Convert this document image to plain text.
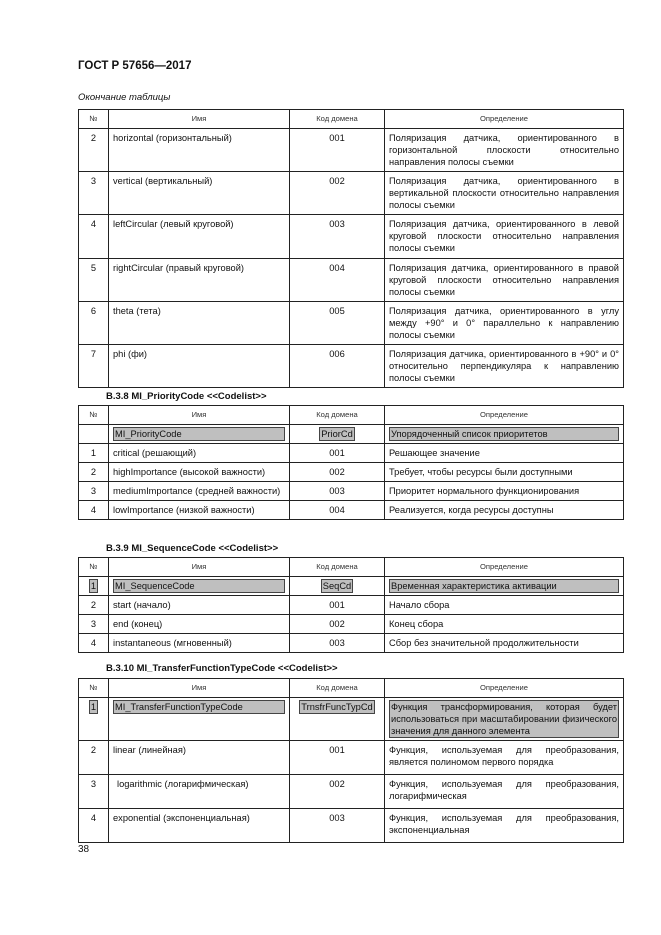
ГОСТ Р 57656—2017
Окончание таблицы
№	Имя	Код домена	Определение
2	horizontal (горизонтальный)	001	Поляризация датчика, ориентированного в горизонтальной плоскости относительно направления полосы съемки
3	vertical (вертикальный)	002	Поляризация датчика, ориентированного в вертикальной плоскости относительно направления полосы съемки
4	leftCircular (левый круговой)	003	Поляризация датчика, ориентированного в левой круговой плоскости относительно направления полосы съемки
5	rightCircular (правый круговой)	004	Поляризация датчика, ориентированного в правой круговой плоскости относительно направления полосы съемки
6	theta (тета)	005	Поляризация датчика, ориентированного в углу между +90° и 0° параллельно к направлению полосы съемки
7	phi (фи)	006	Поляризация датчика, ориентированного в +90° и 0° относительно перпендикуляра к направлению полосы съемки
B.3.8 MI_PriorityCode <<Codelist>>
№	Имя	Код домена	Определение

	MI_PriorityCode	PriorCd	Упорядоченный список приоритетов

1	critical (решающий)	001	Решающее значение
2	highImportance (высокой важности)	002	Требует, чтобы ресурсы были доступными
3	mediumImportance (средней важности)	003	Приоритет нормального функционирования
4	lowImportance (низкой важности)	004	Реализуется, когда ресурсы доступны
B.3.9 MI_SequenceCode <<Codelist>>
№	Имя	Код домена	Определение
1	MI_SequenceCode	SeqCd	Временная характеристика активации

2	start (начало)	001	Начало сбора
3	end (конец)	002	Конец сбора
4	instantaneous (мгновенный)	003	Сбор без значительной продолжительности
B.3.10 MI_TransferFunctionTypeCode <<Codelist>>
№	Имя	Код домена	Определение
1	MI_TransferFunctionTypeCode	TrnsfrFuncTypCd	Функция трансформирования, которая будет использоваться при масштабировании физического значения для данного элемента

2	linear (линейная)	001	Функция, используемая для преобразования, является полиномом первого порядка
3	logarithmic (логарифмическая)	002	Функция, используемая для преобразования, логарифмическая
4	exponential (экспоненциальная)	003	Функция, используемая для преобразования, экспоненциальная
38
